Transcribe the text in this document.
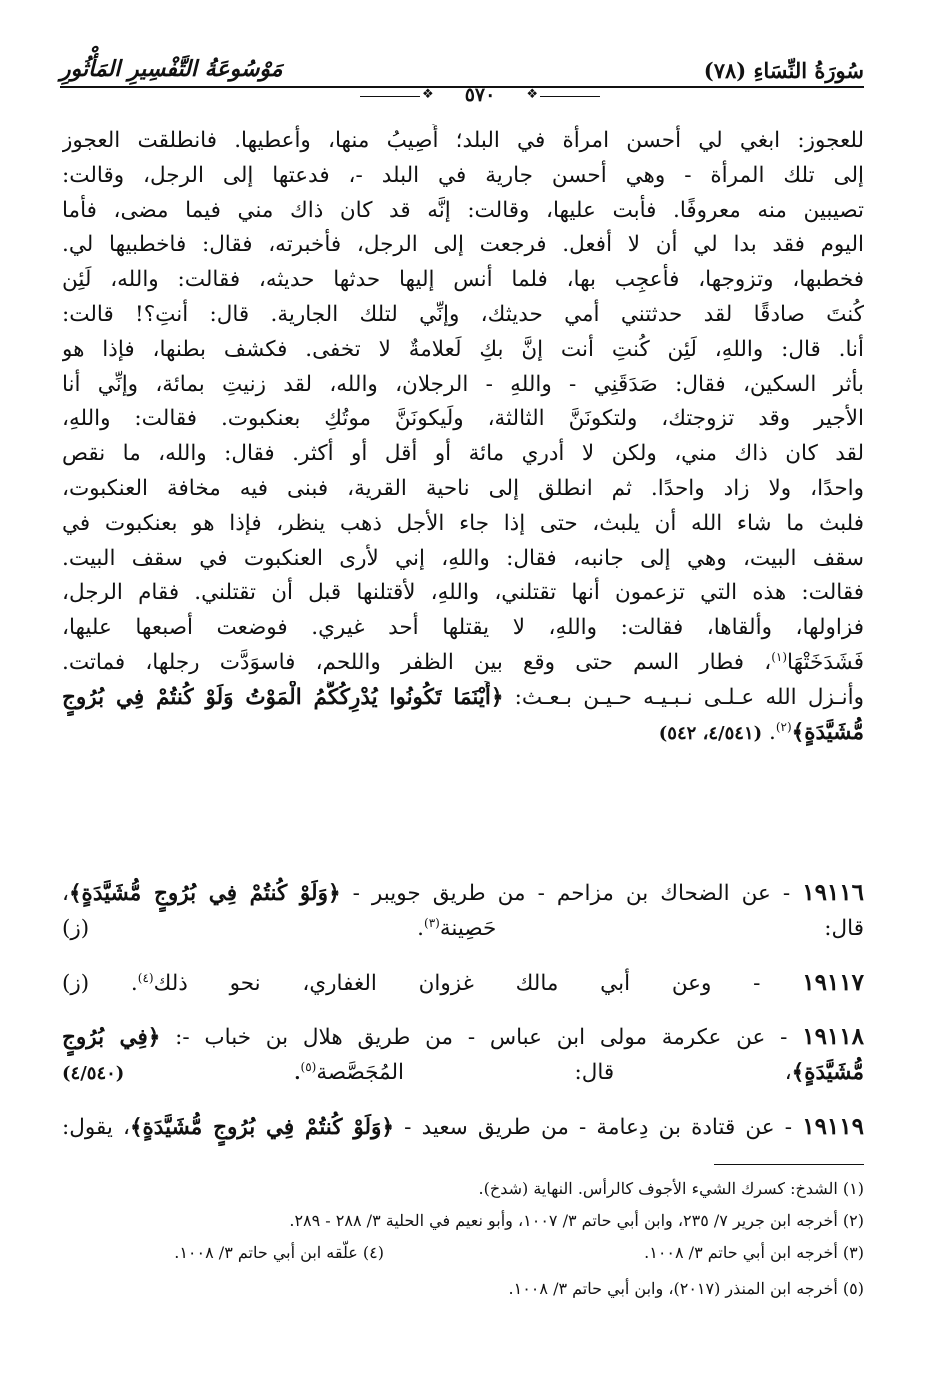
سُورَةُ النِّسَاءِ (٧٨)
مَوْسُوعَةُ التَّفْسِيرِ المَأْثُورِ
❖
٥٧٠
❖
للعجوز: ابغي لي أحسن امرأة في البلد؛ أُصِيبُ منها، وأعطيها. فانطلقت العجوز
إلى تلك المرأة - وهي أحسن جارية في البلد -، فدعتها إلى الرجل، وقالت:
تصيبين منه معروفًا. فأبت عليها، وقالت: إنَّه قد كان ذاك مني فيما مضى، فأما
اليوم فقد بدا لي أن لا أفعل. فرجعت إلى الرجل، فأخبرته، فقال: فاخطبيها لي.
فخطبها، وتزوجها، فأُعجِب بها، فلما أنس إليها حدثها حديثه، فقالت: والله، لَئِن
كُنتَ صادقًا لقد حدثتني أمي حديثك، وإنِّي لتلك الجارية. قال: أنتِ؟! قالت:
أنا. قال: واللهِ، لَئِن كُنتِ أنت إنَّ بكِ لَعلامةٌ لا تخفى. فكشف بطنها، فإذا هو
بأثر السكين، فقال: صَدَقَنِي - واللهِ - الرجلان، والله، لقد زنيتِ بمائة، وإنِّي أنا
الأجير وقد تزوجتك، ولتكونَنَّ الثالثة، ولَيكونَنَّ موتُكِ بعنكبوت. فقالت: واللهِ،
لقد كان ذاك مني، ولكن لا أدري مائة أو أقل أو أكثر. فقال: والله، ما نقص
واحدًا، ولا زاد واحدًا. ثم انطلق إلى ناحية القرية، فبنى فيه مخافة العنكبوت،
فلبث ما شاء الله أن يلبث، حتى إذا جاء الأجل ذهب ينظر، فإذا هو بعنكبوت في
سقف البيت، وهي إلى جانبه، فقال: واللهِ، إني لأرى العنكبوت في سقف البيت.
فقالت: هذه التي تزعمون أنها تقتلني، واللهِ، لأقتلنها قبل أن تقتلني. فقام الرجل،
فزاولها، وألقاها، فقالت: واللهِ، لا يقتلها أحد غيري. فوضعت أصبعها عليها،
فَشَدَخَتْهَا$^{(١)}$، فطار السم حتى وقع بين الظفر واللحم، فاسوَدَّت رجلها، فماتت.
وأنـزل الله عـلـى نـبـيـه حـيـن بـعـث: ﴿أَيْنَمَا تَكُونُوا يُدْرِكُكُّمُ الْمَوْتُ وَلَوْ كُنتُمْ فِي بُرُوجٍ
مُّشَيَّدَةٍ﴾$^{(٢)}$. (٤/٥٤١، ٥٤٢)
١٩١١٦ - عن الضحاك بن مزاحم - من طريق جويبر - ﴿وَلَوْ كُنتُمْ فِي بُرُوجٍ مُّشَيَّدَةٍ﴾،
قال: حَصِينة$^{(٣)}$. (ز)
١٩١١٧ - وعن أبي مالك غزوان الغفاري، نحو ذلك$^{(٤)}$. (ز)
١٩١١٨ - عن عكرمة مولى ابن عباس - من طريق هلال بن خباب -: ﴿فِي بُرُوجٍ
مُّشَيَّدَةٍ﴾، قال: المُجَصَّصة$^{(٥)}$. (٤/٥٤٠)
١٩١١٩ - عن قتادة بن دِعامة - من طريق سعيد - ﴿وَلَوْ كُنتُمْ فِي بُرُوجٍ مُّشَيَّدَةٍ﴾، يقول:
(١) الشدخ: كسرك الشيء الأجوف كالرأس. النهاية (شدخ).
(٢) أخرجه ابن جرير ٧/ ٢٣٥، وابن أبي حاتم ٣/ ١٠٠٧، وأبو نعيم في الحلية ٣/ ٢٨٨ - ٢٨٩.
(٣) أخرجه ابن أبي حاتم ٣/ ١٠٠٨.
(٤) علّقه ابن أبي حاتم ٣/ ١٠٠٨.
(٥) أخرجه ابن المنذر (٢٠١٧)، وابن أبي حاتم ٣/ ١٠٠٨.
